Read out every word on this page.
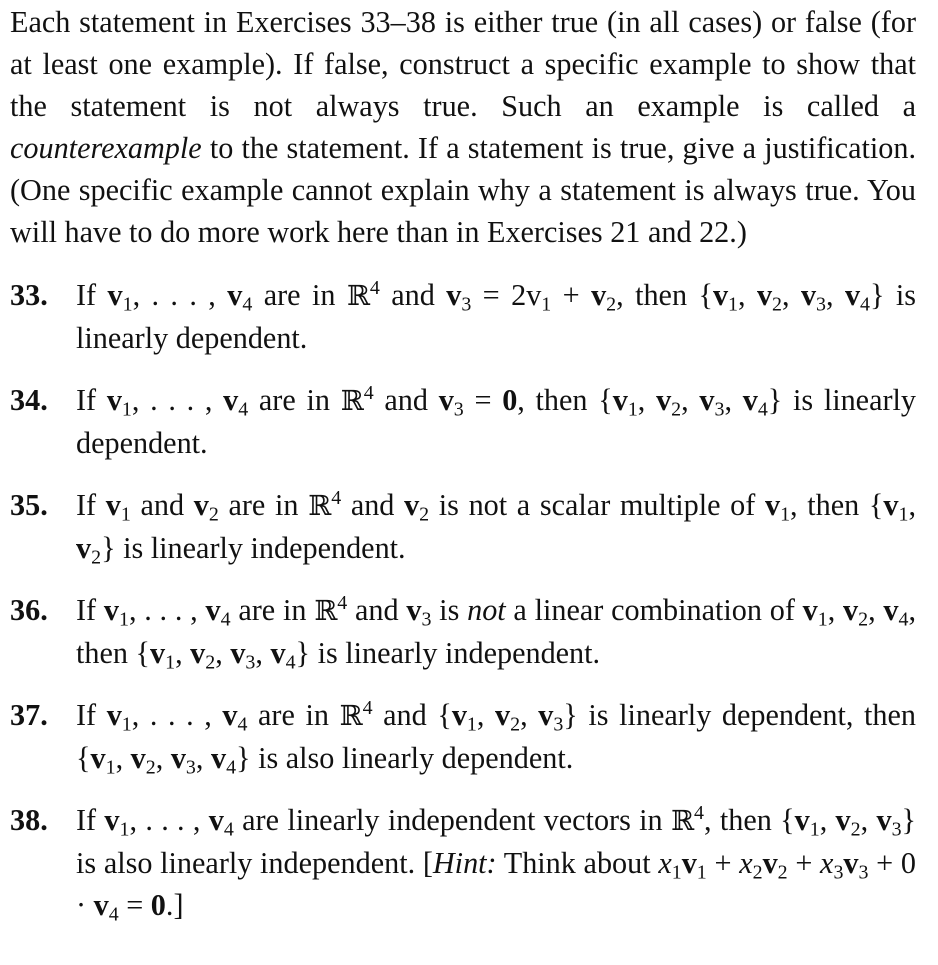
Each statement in Exercises 33–38 is either true (in all cases) or false (for at least one example). If false, construct a specific example to show that the statement is not always true. Such an example is called a counterexample to the statement. If a statement is true, give a justification. (One specific example cannot explain why a statement is always true. You will have to do more work here than in Exercises 21 and 22.)

33. If $v_1$, . . . , $v_4$ are in ℝ$^4$ and $v_3 = 2v_1 + v_2$, then {$v_1$, $v_2$, $v_3$, $v_4$} is linearly dependent.

34. If $v_1$, . . . , $v_4$ are in ℝ$^4$ and $v_3 = 0$, then {$v_1$, $v_2$, $v_3$, $v_4$} is linearly dependent.

35. If $v_1$ and $v_2$ are in ℝ$^4$ and $v_2$ is not a scalar multiple of $v_1$, then {$v_1$, $v_2$} is linearly independent.

36. If $v_1$, . . . , $v_4$ are in ℝ$^4$ and $v_3$ is not a linear combination of $v_1$, $v_2$, $v_4$, then {$v_1$, $v_2$, $v_3$, $v_4$} is linearly independent.

37. If $v_1$, . . . , $v_4$ are in ℝ$^4$ and {$v_1$, $v_2$, $v_3$} is linearly dependent, then {$v_1$, $v_2$, $v_3$, $v_4$} is also linearly dependent.

38. If $v_1$, . . . , $v_4$ are linearly independent vectors in ℝ$^4$, then {$v_1$, $v_2$, $v_3$} is also linearly independent. [Hint: Think about $x_1v_1 + x_2v_2 + x_3v_3 + 0 \cdot v_4 = 0$.]
